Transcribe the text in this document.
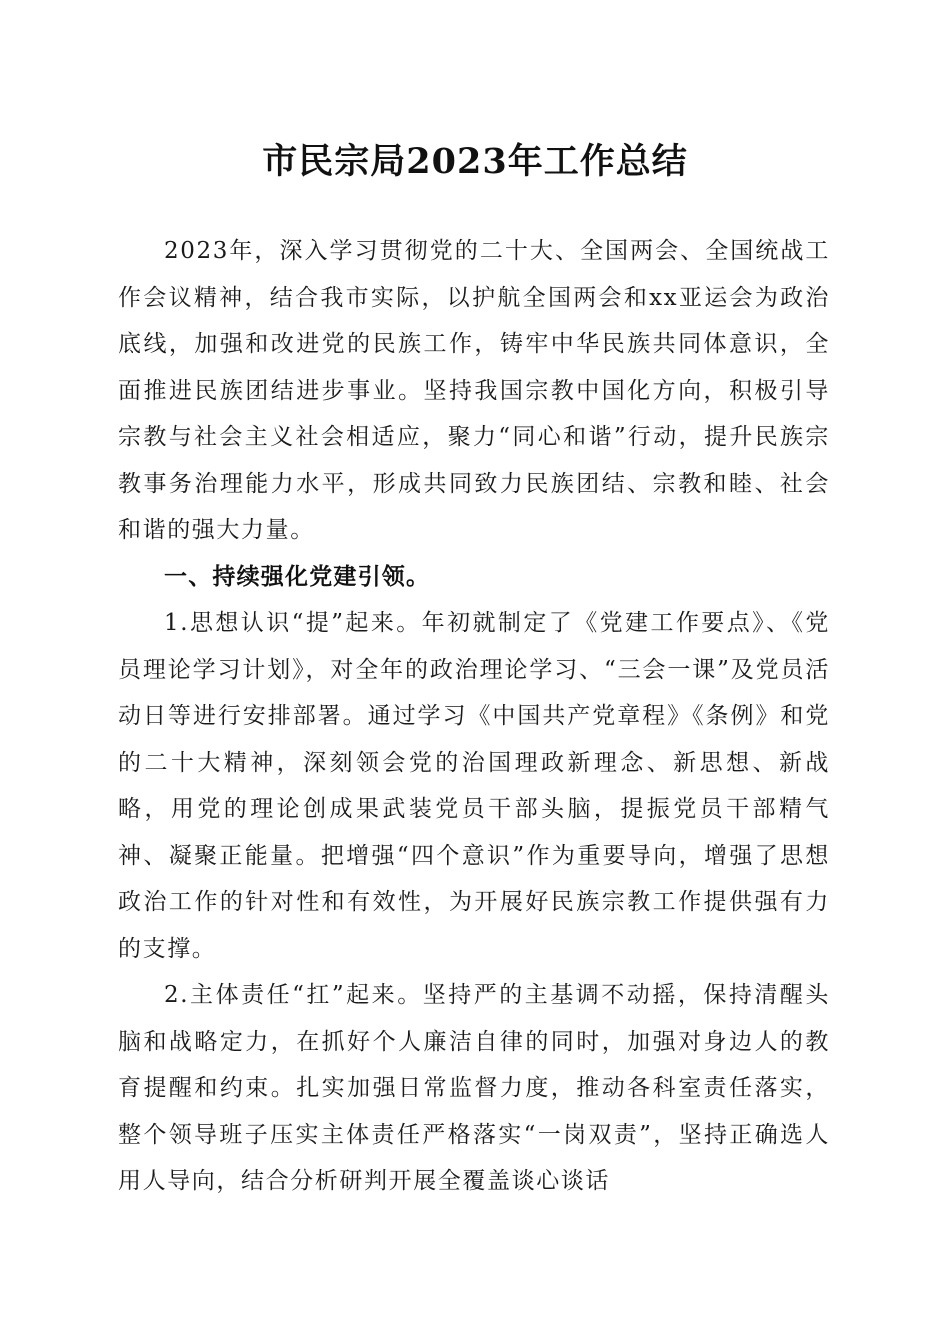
市民宗局2023年工作总结

2023年，深入学习贯彻党的二十大、全国两会、全国统战工作会议精神，结合我市实际，以护航全国两会和xx亚运会为政治底线，加强和改进党的民族工作，铸牢中华民族共同体意识，全面推进民族团结进步事业。坚持我国宗教中国化方向，积极引导宗教与社会主义社会相适应，聚力“同心和谐”行动，提升民族宗教事务治理能力水平，形成共同致力民族团结、宗教和睦、社会和谐的强大力量。

一、持续强化党建引领。

1.思想认识“提”起来。年初就制定了《党建工作要点》、《党员理论学习计划》，对全年的政治理论学习、“三会一课”及党员活动日等进行安排部署。通过学习《中国共产党章程》《条例》和党的二十大精神，深刻领会党的治国理政新理念、新思想、新战略，用党的理论创成果武装党员干部头脑，提振党员干部精气神、凝聚正能量。把增强“四个意识”作为重要导向，增强了思想政治工作的针对性和有效性，为开展好民族宗教工作提供强有力的支撑。

2.主体责任“扛”起来。坚持严的主基调不动摇，保持清醒头脑和战略定力，在抓好个人廉洁自律的同时，加强对身边人的教育提醒和约束。扎实加强日常监督力度，推动各科室责任落实，整个领导班子压实主体责任严格落实“一岗双责”，坚持正确选人用人导向，结合分析研判开展全覆盖谈心谈话
